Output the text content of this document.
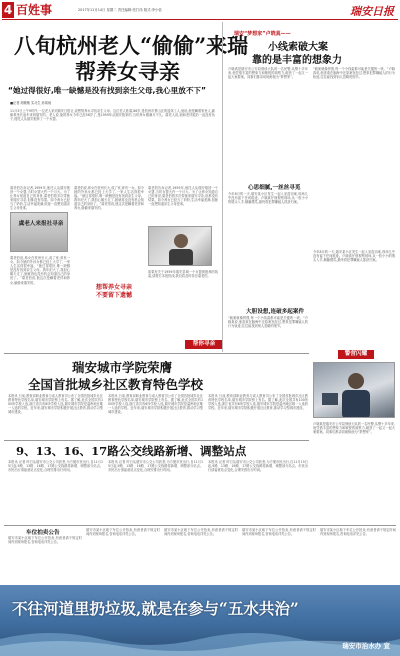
4 百姓事	2017年11月14日 星期二 责任编辑:张打伟 版式:李小俭	瑞安日报
八旬杭州老人“偷偷”来瑞
帮养女寻亲
“她过得很好,唯一缺憾是没有找到亲生父母,我心里放不下”
■记者 胡敏敏 实习生 孙赛雨
11月3日上午9时许,一位老人来到瑞安日报社,说想帮养女寻找亲生父母。这位老人姓虞,86岁,是杭州市萧山区的退休工人,他说,他是瞒着家里人,偷偷乘坐长途车来到瑞安的。老人说,他的养女今年已经58岁了,是1959年从瑞安抱来的,当时养女刚满月不久。虞老人说,他和老伴婚后一直没有孩子,便托人从瑞安抱养了一个女婴。
虞老伯告诉记者,1959年,他托人从瑞安抱回一个女婴,当时女婴大约一个月大。为了让养女知道自己的身世,虞老伯曾多次带她来瑞安寻亲,但都没有结果。如今养女已经当了奶奶,生活幸福美满,但她一直想知道亲生父母是谁。
虞老人来报社寻亲
虞老伯说,养女在杭州长大,成了家,育有一女。如今她的外孙女都已经上大学了,一家人生活得很幸福。“她过得很好,唯一缺憾是没有找到亲生父母。我年纪大了,我担心哪天走了,她就再也没有机会知道自己的身世了。”虞老伯说,他这次是瞒着老伴和养女,偷偷来瑞安的。
虞老伯说,养女在杭州长大,成了家,育有一女。如今她的外孙女都已经上大学了,一家人生活得很幸福。“她过得很好,唯一缺憾是没有找到亲生父母。我年纪大了,我担心哪天走了,她就再也没有机会知道自己的身世了。”虞老伯说,他这次是瞒着老伴和养女,偷偷来瑞安的。
虞老伯告诉记者,1959年,他托人从瑞安抱回一个女婴,当时女婴大约一个月大。为了让养女知道自己的身世,虞老伯曾多次带她来瑞安寻亲,但都没有结果。如今养女已经当了奶奶,生活幸福美满,但她一直想知道亲生父母是谁。
想帮养女寻亲
不要留下遗憾
如果有关于1959年瑞安县城一个女婴被抱养的线索,请拨打本报热线,我们将及时转告虞老伯。
帮你寻亲
瑞安“梦想家”卢晓真——
小线索破大案
靠的是丰富的想象力
卢晓真是瑞安市公安局刑侦大队的一名民警,从警十多年来,他凭借丰富的想象力和敏锐的洞察力,破获了一起又一起大案要案。同事们都亲切地称他为“梦想家”。
“破案就像拼图,每一个小线索都可能是关键的一块。”卢晓真说,他喜欢在脑海中还原案发经过,想象犯罪嫌疑人的行为轨迹,往往能找到别人忽略的细节。
心思细腻,一丝丝寻觅
今年8月的一天,瑞安某小区发生一起入室盗窃案,现场几乎没有留下任何痕迹。卢晓真仔细观察现场,从一枚小小的烟头入手,顺藤摸瓜,最终将犯罪嫌疑人抓获归案。
大胆设想,连破多起案件
“破案就像拼图,每一个小线索都可能是关键的一块。”卢晓真说,他喜欢在脑海中还原案发经过,想象犯罪嫌疑人的行为轨迹,往往能找到别人忽略的细节。
今年8月的一天,瑞安某小区发生一起入室盗窃案,现场几乎没有留下任何痕迹。卢晓真仔细观察现场,从一枚小小的烟头入手,顺藤摸瓜,最终将犯罪嫌疑人抓获归案。
警营闪耀
瑞安城市学院荣膺
全国首批城乡社区教育特色学校
本报讯 日前,教育部职业教育与成人教育司公布了全国首批城乡社区教育特色学校名单,瑞安城市学院榜上有名。据了解,此次全国共有100所学校入选,浙江省共有6所学校入选,瑞安城市学院是温州地区唯一入选的学校。近年来,瑞安城市学院积极开展社区教育,推动学习型城市建设。
本报讯 日前,教育部职业教育与成人教育司公布了全国首批城乡社区教育特色学校名单,瑞安城市学院榜上有名。据了解,此次全国共有100所学校入选,浙江省共有6所学校入选,瑞安城市学院是温州地区唯一入选的学校。近年来,瑞安城市学院积极开展社区教育,推动学习型城市建设。
本报讯 日前,教育部职业教育与成人教育司公布了全国首批城乡社区教育特色学校名单,瑞安城市学院榜上有名。据了解,此次全国共有100所学校入选,浙江省共有6所学校入选,瑞安城市学院是温州地区唯一入选的学校。近年来,瑞安城市学院积极开展社区教育,推动学习型城市建设。
9、13、16、17路公交线路新增、调整站点
本报讯 记者 昨日从瑞安市公交公司获悉,为方便市民出行,自11月15日起,9路、13路、16路、17路公交线路将新增、调整部分站点。市民出行请留意站点变化,合理安排出行时间。
本报讯 记者 昨日从瑞安市公交公司获悉,为方便市民出行,自11月15日起,9路、13路、16路、17路公交线路将新增、调整部分站点。市民出行请留意站点变化,合理安排出行时间。
本报讯 记者 昨日从瑞安市公交公司获悉,为方便市民出行,自11月15日起,9路、13路、16路、17路公交线路将新增、调整部分站点。市民出行请留意站点变化,合理安排出行时间。
卢晓真是瑞安市公安局刑侦大队的一名民警,从警十多年来,他凭借丰富的想象力和敏锐的洞察力,破获了一起又一起大案要案。同事们都亲切地称他为“梦想家”。
车位拍卖公告
瑞安市某小区地下车位公开拍卖,有意者请于规定时间内到现场报名,咨询电话详见公告。
瑞安市某小区地下车位公开拍卖,有意者请于规定时间内到现场报名,咨询电话详见公告。
瑞安市某小区地下车位公开拍卖,有意者请于规定时间内到现场报名,咨询电话详见公告。
瑞安市某小区地下车位公开拍卖,有意者请于规定时间内到现场报名,咨询电话详见公告。
瑞安市某小区地下车位公开拍卖,有意者请于规定时间内到现场报名,咨询电话详见公告。
不往河道里扔垃圾,就是在参与“五水共治”
瑞安市治水办 宣
